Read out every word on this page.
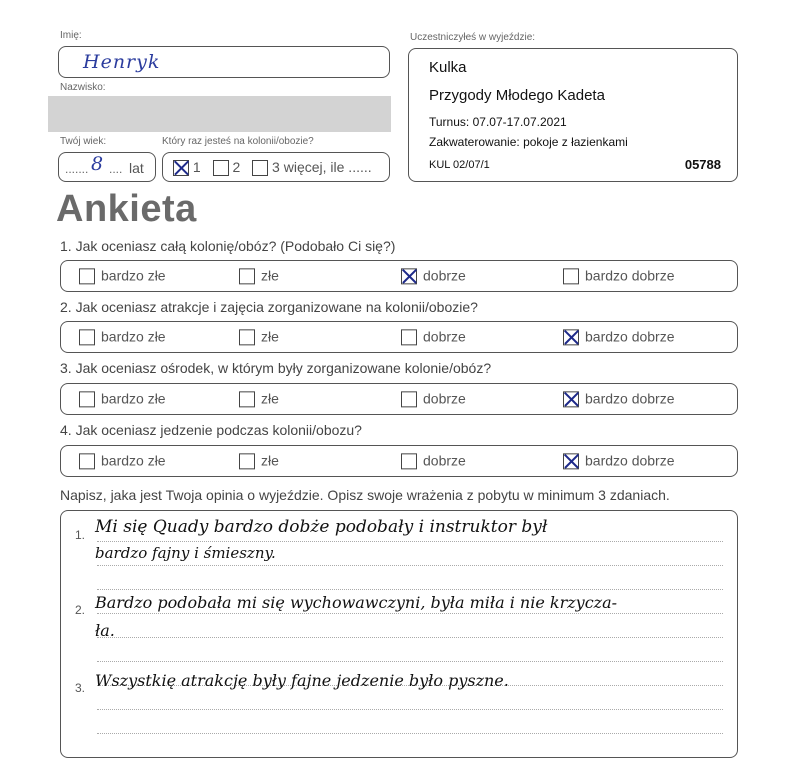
Imię:
Henryk
Nazwisko:
Twój wiek:
....... 8 .... lat
Który raz jesteś na kolonii/obozie?
1 2 3 więcej, ile ......
Uczestniczyłeś w wyjeździe:
Kulka
Przygody Młodego Kadeta
Turnus: 07.07-17.07.2021
Zakwaterowanie: pokoje z łazienkami
KUL 02/07/1	05788
Ankieta
1. Jak oceniasz całą kolonię/obóz? (Podobało Ci się?)
bardzo złe	złe	dobrze	bardzo dobrze
2. Jak oceniasz atrakcje i zajęcia zorganizowane na kolonii/obozie?
bardzo złe	złe	dobrze	bardzo dobrze
3. Jak oceniasz ośrodek, w którym były zorganizowane kolonie/obóz?
bardzo złe	złe	dobrze	bardzo dobrze
4. Jak oceniasz jedzenie podczas kolonii/obozu?
bardzo złe	złe	dobrze	bardzo dobrze
Napisz, jaka jest Twoja opinia o wyjeździe. Opisz swoje wrażenia z pobytu w minimum 3 zdaniach.
1. Mi się Quady bardzo dobże podobały i instruktor był
bardzo fajny i śmieszny.
2. Bardzo podobała mi się wychowawczyni, była miła i nie krzycza-
ła.
3. Wszystkię atrakcję były fajne jedzenie było pyszne.
